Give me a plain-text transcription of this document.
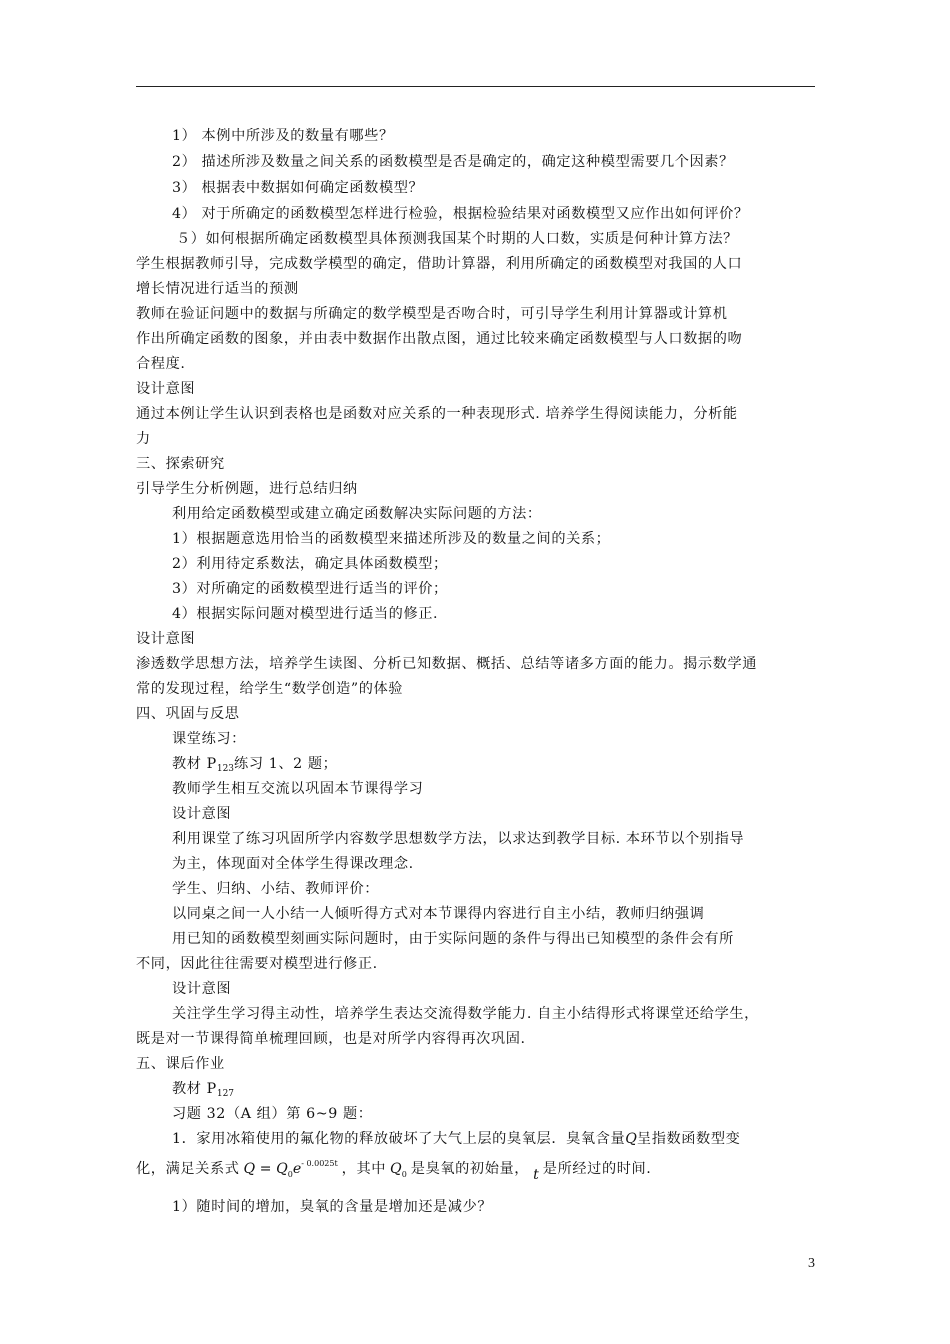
1） 本例中所涉及的数量有哪些？
2） 描述所涉及数量之间关系的函数模型是否是确定的，确定这种模型需要几个因素？
3） 根据表中数据如何确定函数模型？
4） 对于所确定的函数模型怎样进行检验，根据检验结果对函数模型又应作出如何评价？
５）如何根据所确定函数模型具体预测我国某个时期的人口数，实质是何种计算方法？
学生根据教师引导，完成数学模型的确定，借助计算器，利用所确定的函数模型对我国的人口
增长情况进行适当的预测
教师在验证问题中的数据与所确定的数学模型是否吻合时，可引导学生利用计算器或计算机
作出所确定函数的图象，并由表中数据作出散点图，通过比较来确定函数模型与人口数据的吻
合程度.
设计意图
通过本例让学生认识到表格也是函数对应关系的一种表现形式. 培养学生得阅读能力，分析能
力
三、探索研究
引导学生分析例题，进行总结归纳
利用给定函数模型或建立确定函数解决实际问题的方法：
1）根据题意选用恰当的函数模型来描述所涉及的数量之间的关系；
2）利用待定系数法，确定具体函数模型；
3）对所确定的函数模型进行适当的评价；
4）根据实际问题对模型进行适当的修正.
设计意图
渗透数学思想方法，培养学生读图、分析已知数据、概括、总结等诸多方面的能力。揭示数学通
常的发现过程，给学生“数学创造”的体验
四、巩固与反思
课堂练习：
教材 $P_{123}$练习 1、2 题；
教师学生相互交流以巩固本节课得学习
设计意图
利用课堂了练习巩固所学内容数学思想数学方法，以求达到教学目标. 本环节以个别指导
为主，体现面对全体学生得课改理念.
学生、归纳、小结、教师评价：
以同桌之间一人小结一人倾听得方式对本节课得内容进行自主小结，教师归纳强调
用已知的函数模型刻画实际问题时，由于实际问题的条件与得出已知模型的条件会有所
不同，因此往往需要对模型进行修正.
设计意图
关注学生学习得主动性，培养学生表达交流得数学能力. 自主小结得形式将课堂还给学生，
既是对一节课得简单梳理回顾，也是对所学内容得再次巩固.
五、课后作业
教材 $P_{127}$
习题 32（A 组）第 6~9 题：
1．家用冰箱使用的氟化物的释放破坏了大气上层的臭氧层．臭氧含量Q呈指数函数型变
化，满足关系式 $Q = Q_0e^{- 0.0025t}$ ，其中 $Q_0$ 是臭氧的初始量， t 是所经过的时间.
1）随时间的增加，臭氧的含量是增加还是减少？
3
